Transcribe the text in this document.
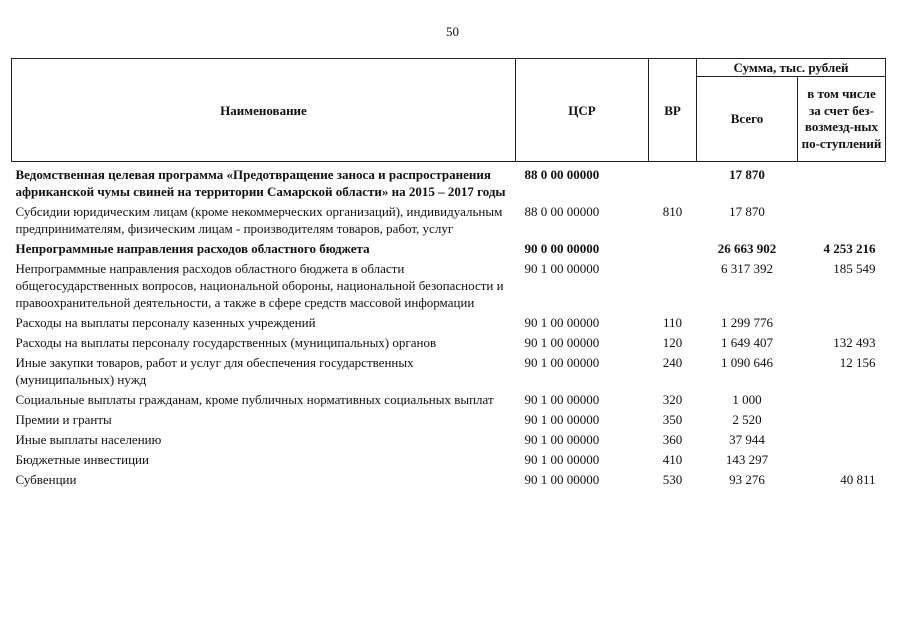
50
Наименование	ЦСР	ВР	Сумма, тыс. рублей	
			Всего	в том числе за счет без-возмезд-ных по-ступлений
Ведомственная целевая программа «Предотвращение заноса и распространения африканской чумы свиней на территории Самарской области» на 2015 – 2017 годы	88 0 00 00000		17 870	
Субсидии юридическим лицам (кроме некоммерческих организаций), индивидуальным предпринимателям, физическим лицам - производителям товаров, работ, услуг	88 0 00 00000	810	17 870	
Непрограммные направления расходов областного бюджета	90 0 00 00000		26 663 902	4 253 216
Непрограммные направления расходов областного бюджета в области общегосударственных вопросов, национальной обороны, национальной безопасности и правоохранительной деятельности, а также в сфере средств массовой информации	90 1 00 00000		6 317 392	185 549
Расходы на выплаты персоналу казенных учреждений	90 1 00 00000	110	1 299 776	
Расходы на выплаты персоналу государственных (муниципальных) органов	90 1 00 00000	120	1 649 407	132 493
Иные закупки товаров, работ и услуг для обеспечения государственных (муниципальных) нужд	90 1 00 00000	240	1 090 646	12 156
Социальные выплаты гражданам, кроме публичных нормативных социальных выплат	90 1 00 00000	320	1 000	
Премии и гранты	90 1 00 00000	350	2 520	
Иные выплаты населению	90 1 00 00000	360	37 944	
Бюджетные инвестиции	90 1 00 00000	410	143 297	
Субвенции	90 1 00 00000	530	93 276	40 811
